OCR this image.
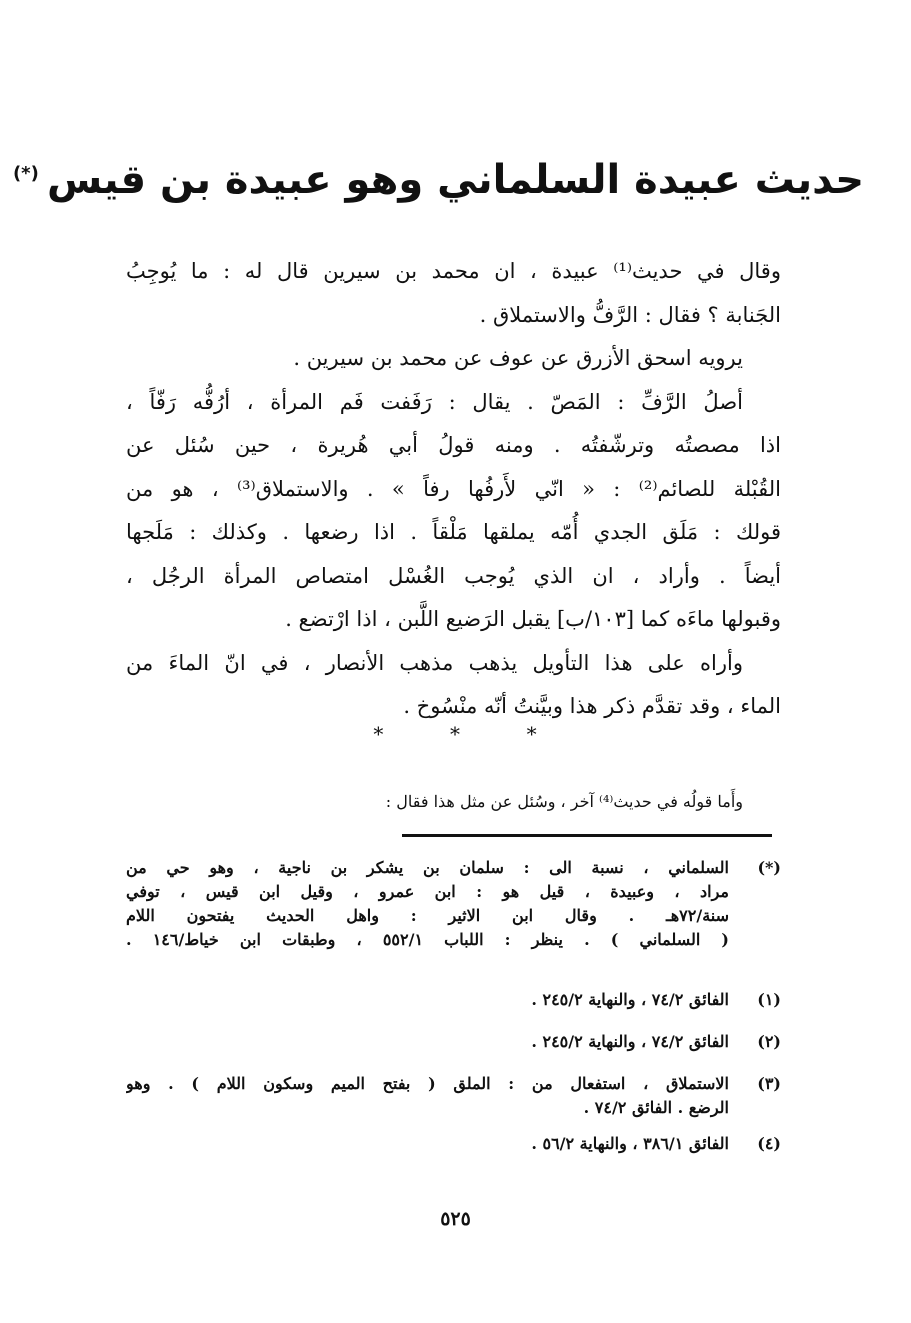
حديث عبيدة السلماني وهو عبيدة بن قيس
(*)
وقال في حديث⁽¹⁾ عبيدة ، ان محمد بن سيرين قال له : ما يُوجِبُ
الجَنابة ؟ فقال : الرَّفُّ والاستملاق .
يرويه اسحق الأزرق عن عوف عن محمد بن سيرين .
أصلُ الرَّفِّ : المَصّ . يقال : رَفَفت فَم المرأة ، أرُفُّه رَفّاً ،
اذا مصصتُه وترشّفتُه . ومنه قولُ أبي هُريرة ، حين سُئل عن
القُبْلة للصائم⁽²⁾ : « انّي لأَرفُها رفاً » . والاستملاق⁽³⁾ ، هو من
قولك : مَلَق الجدي أُمّه يملقها مَلْقاً . اذا رضعها . وكذلك : مَلَجها
أيضاً . وأراد ، ان الذي يُوجب الغُسْل امتصاص المرأة الرجُل ،
وقبولها ماءَه كما [١٠٣/ب] يقبل الرَضيع اللَّبن ، اذا ارْتضع .
وأراه على هذا التأويل يذهب مذهب الأنصار ، في انّ الماءَ من
الماء ، وقد تقدَّم ذكر هذا وبيَّنتُ أنّه منْسُوخ .
*
*
*
وأَما قولُه في حديث⁽⁴⁾ آخر ، وسُئل عن مثل هذا فقال :
(*)
السلماني ، نسبة الى : سلمان بن يشكر بن ناجية ، وهو حي من
مراد ، وعبيدة ، قيل هو : ابن عمرو ، وقيل ابن قيس ، توفي
سنة/٧٢هـ . وقال ابن الاثير : واهل الحديث يفتحون اللام
( السلماني ) . ينظر : اللباب ٥٥٢/١ ، وطبقات ابن خياط/١٤٦ .
(١)
الفائق ٧٤/٢ ، والنهاية ٢٤٥/٢ .
(٢)
الفائق ٧٤/٢ ، والنهاية ٢٤٥/٢ .
(٣)
الاستملاق ، استفعال من : الملق ( بفتح الميم وسكون اللام ) . وهو
الرضع . الفائق ٧٤/٢ .
(٤)
الفائق ٣٨٦/١ ، والنهاية ٥٦/٢ .
٥٢٥
